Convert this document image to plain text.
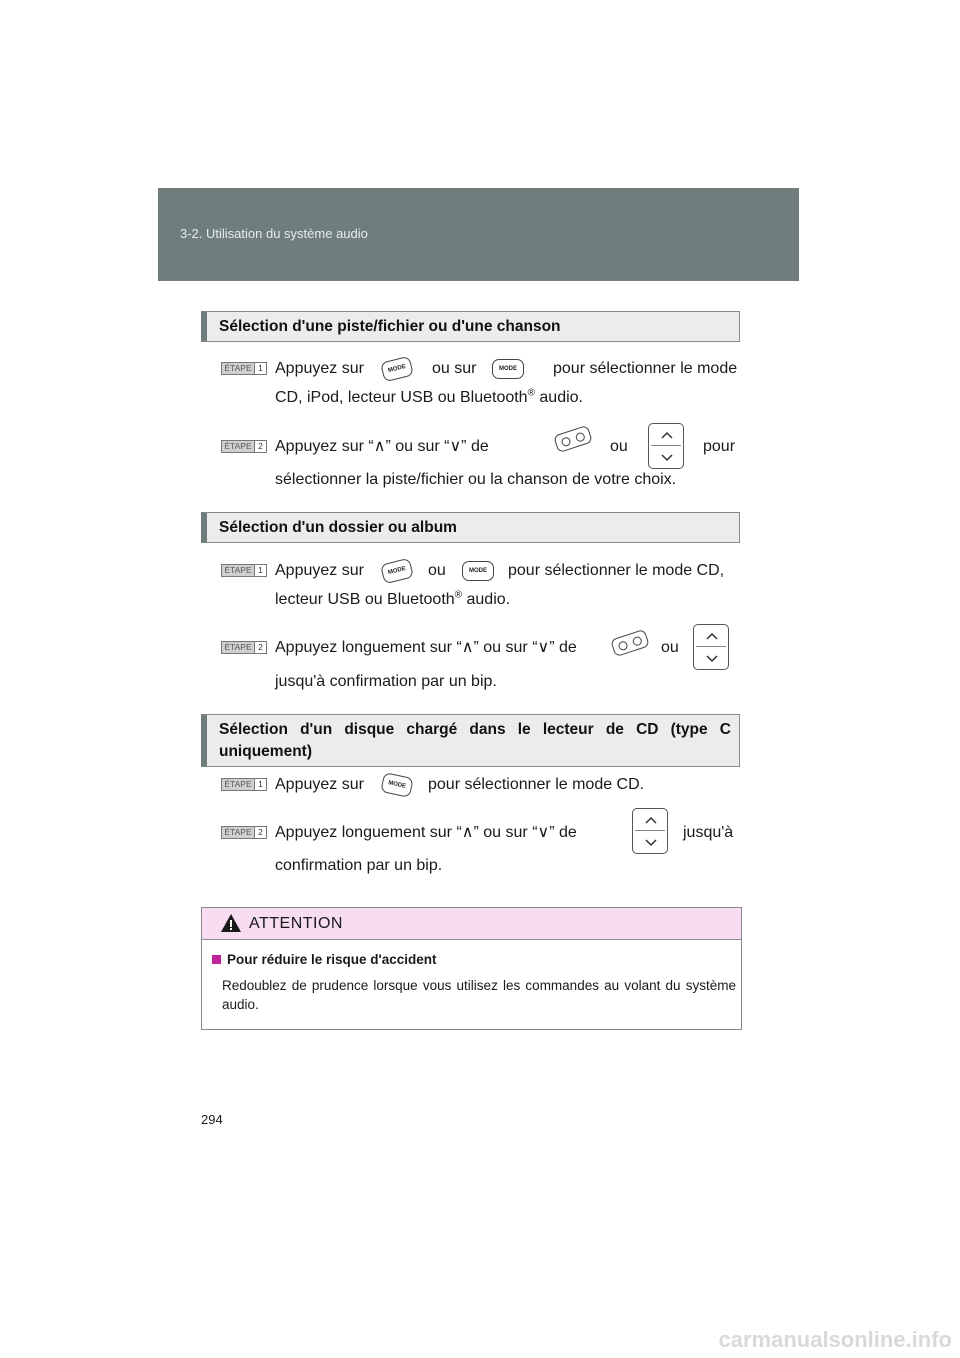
3-2. Utilisation du système audio
Sélection d'une piste/fichier ou d'une chanson
ÉTAPE 1 Appuyez sur	MODE ou sur	MODE pour sélectionner le mode
CD, iPod, lecteur USB ou Bluetooth® audio.
ÉTAPE 2 Appuyez sur “∧” ou sur “∨” de	ou	pour
sélectionner la piste/fichier ou la chanson de votre choix.
Sélection d'un dossier ou album
ÉTAPE 1 Appuyez sur	MODE ou	MODE pour sélectionner le mode CD,
lecteur USB ou Bluetooth® audio.
ÉTAPE 2 Appuyez longuement sur “∧” ou sur “∨” de	ou
jusqu'à confirmation par un bip.
Sélection d'un disque chargé dans le lecteur de CD (type C
uniquement)
ÉTAPE 1 Appuyez sur	MODE pour sélectionner le mode CD.
ÉTAPE 2 Appuyez longuement sur “∧” ou sur “∨” de	jusqu'à
confirmation par un bip.
ATTENTION
Pour réduire le risque d'accident
Redoublez de prudence lorsque vous utilisez les commandes au volant du système audio.
294
carmanualsonline.info
